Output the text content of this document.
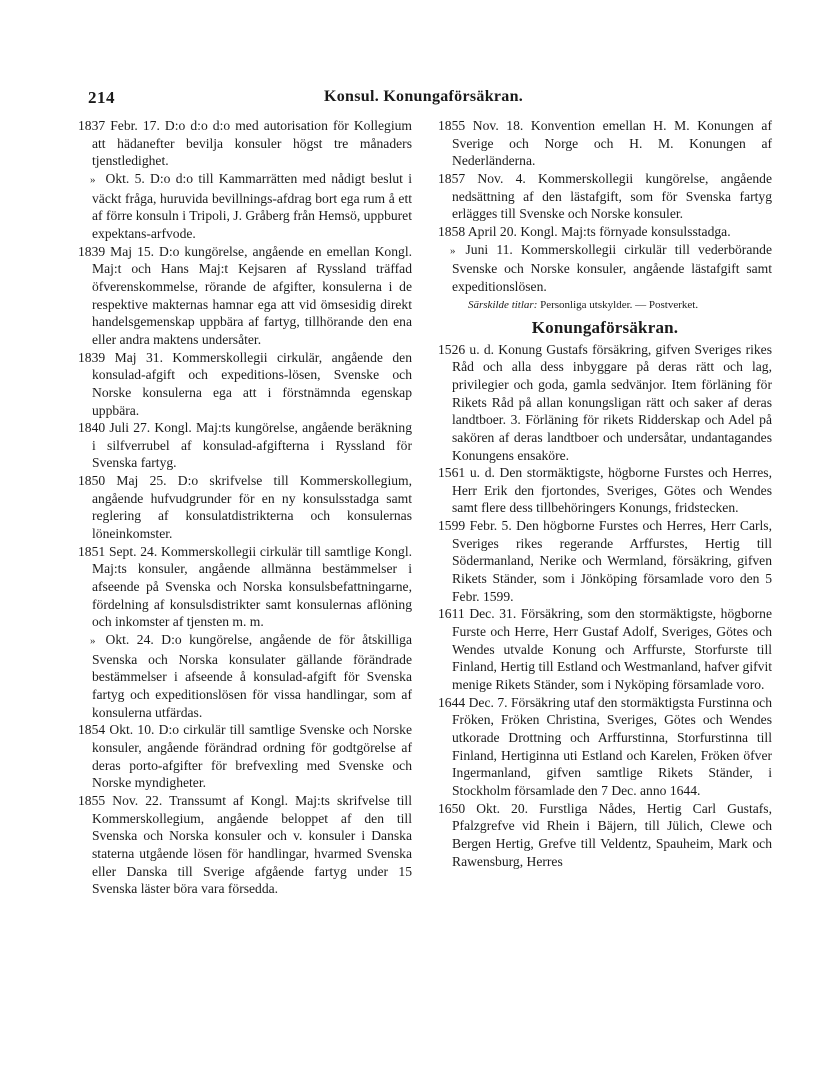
214	Konsul. Konungaförsäkran.

1837 Febr. 17. D:o d:o d:o med autorisation för Kollegium att hädanefter bevilja konsuler högst tre månaders tjenstledighet.

» Okt. 5. D:o d:o till Kammarrätten med nådigt beslut i väckt fråga, huruvida bevillnings-afdrag bort ega rum å ett af förre konsuln i Tripoli, J. Gråberg från Hemsö, uppburet expektans-arfvode.

1839 Maj 15. D:o kungörelse, angående en emellan Kongl. Maj:t och Hans Maj:t Kejsaren af Ryssland träffad öfverenskommelse, rörande de afgifter, konsulerna i de respektive makternas hamnar ega att vid ömsesidig direkt handelsgemenskap uppbära af fartyg, tillhörande den ena eller andra maktens undersåter.

1839 Maj 31. Kommerskollegii cirkulär, angående den konsulad-afgift och expeditions-lösen, Svenske och Norske konsulerna ega att i förstnämnda egenskap uppbära.

1840 Juli 27. Kongl. Maj:ts kungörelse, angående beräkning i silfverrubel af konsulad-afgifterna i Ryssland för Svenska fartyg.

1850 Maj 25. D:o skrifvelse till Kommerskollegium, angående hufvudgrunder för en ny konsulsstadga samt reglering af konsulatdistrikterna och konsulernas löneinkomster.

1851 Sept. 24. Kommerskollegii cirkulär till samtlige Kongl. Maj:ts konsuler, angående allmänna bestämmelser i afseende på Svenska och Norska konsulsbefattningarne, fördelning af konsulsdistrikter samt konsulernas aflöning och inkomster af tjensten m. m.

» Okt. 24. D:o kungörelse, angående de för åtskilliga Svenska och Norska konsulater gällande förändrade bestämmelser i afseende å konsulad-afgift för Svenska fartyg och expeditionslösen för vissa handlingar, som af konsulerna utfärdas.

1854 Okt. 10. D:o cirkulär till samtlige Svenske och Norske konsuler, angående förändrad ordning för godtgörelse af deras porto-afgifter för brefvexling med Svenske och Norske myndigheter.

1855 Nov. 22. Transsumt af Kongl. Maj:ts skrifvelse till Kommerskollegium, angående beloppet af den till Svenska och Norska konsuler och v. konsuler i Danska staterna utgående lösen för handlingar, hvarmed Svenska eller Danska till Sverige afgående fartyg under 15 Svenska läster böra vara försedda.

1855 Nov. 18. Konvention emellan H. M. Konungen af Sverige och Norge och H. M. Konungen af Nederländerna.

1857 Nov. 4. Kommerskollegii kungörelse, angående nedsättning af den lästafgift, som för Svenska fartyg erlägges till Svenske och Norske konsuler.

1858 April 20. Kongl. Maj:ts förnyade konsulsstadga.

» Juni 11. Kommerskollegii cirkulär till vederbörande Svenske och Norske konsuler, angående lästafgift samt expeditionslösen.

Särskilde titlar: Personliga utskylder. — Postverket.

Konungaförsäkran.

1526 u. d. Konung Gustafs försäkring, gifven Sveriges rikes Råd och alla dess inbyggare på deras rätt och lag, privilegier och goda, gamla sedvänjor. Item förläning för Rikets Råd på allan konungsligan rätt och saker af deras landtboer. 3. Förläning för rikets Ridderskap och Adel på sakören af deras landtboer och undersåtar, undantagandes Konungens ensaköre.

1561 u. d. Den stormäktigste, högborne Furstes och Herres, Herr Erik den fjortondes, Sveriges, Götes och Wendes samt flere dess tillbehöringers Konungs, fridstecken.

1599 Febr. 5. Den högborne Furstes och Herres, Herr Carls, Sveriges rikes regerande Arffurstes, Hertig till Södermanland, Nerike och Wermland, försäkring, gifven Rikets Ständer, som i Jönköping församlade voro den 5 Febr. 1599.

1611 Dec. 31. Försäkring, som den stormäktigste, högborne Furste och Herre, Herr Gustaf Adolf, Sveriges, Götes och Wendes utvalde Konung och Arffurste, Storfurste till Finland, Hertig till Estland och Westmanland, hafver gifvit menige Rikets Ständer, som i Nyköping församlade voro.

1644 Dec. 7. Försäkring utaf den stormäktigsta Furstinna och Fröken, Fröken Christina, Sveriges, Götes och Wendes utkorade Drottning och Arffurstinna, Storfurstinna till Finland, Hertiginna uti Estland och Karelen, Fröken öfver Ingermanland, gifven samtlige Rikets Ständer, i Stockholm församlade den 7 Dec. anno 1644.

1650 Okt. 20. Furstliga Nådes, Hertig Carl Gustafs, Pfalzgrefve vid Rhein i Bäjern, till Jülich, Clewe och Bergen Hertig, Grefve till Veldentz, Spauheim, Mark och Rawensburg, Herres
